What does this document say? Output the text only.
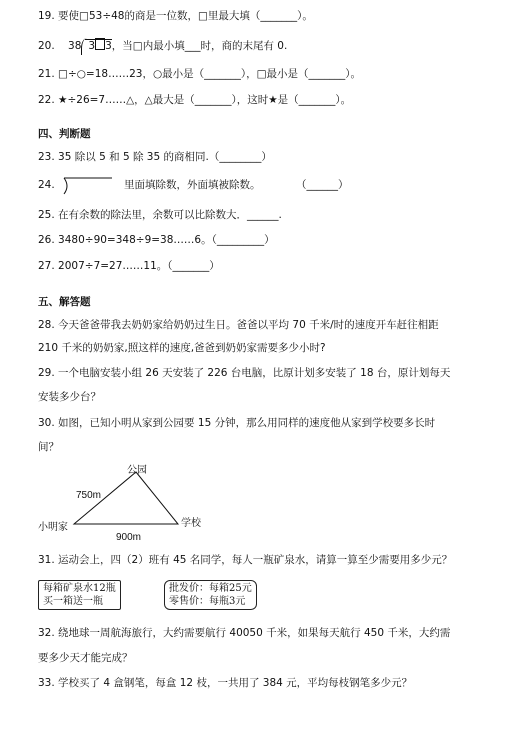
19. 要使□53÷48的商是一位数，□里最大填（_______）。
20. 38 3 3，当□内最小填___时，商的末尾有 0.
21. □÷○=18……23，○最小是（_______），□最小是（_______）。
22. ★÷26=7……△，△最大是（_______），这时★是（_______）。
四、判断题
23. 35 除以 5 和 5 除 35 的商相同.（________）
24.	里面填除数，外面填被除数。	（______）
25. 在有余数的除法里，余数可以比除数大．______.
26. 3480÷90=348÷9=38……6。（_________）
27. 2007÷7=27……11。（_______）
五、解答题
28. 今天爸爸带我去奶奶家给奶奶过生日。爸爸以平均 70 千米/时的速度开车赶往相距
210 千米的奶奶家,照这样的速度,爸爸到奶奶家需要多少小时?
29. 一个电脑安装小组 26 天安装了 226 台电脑，比原计划多安装了 18 台，原计划每天
安装多少台？
30. 如图，已知小明从家到公园要 15 分钟，那么用同样的速度他从家到学校要多长时
间？
公园
750m
小明家	学校
900m
31. 运动会上，四（2）班有 45 名同学，每人一瓶矿泉水，请算一算至少需要用多少元？
每箱矿泉水12瓶
买一箱送一瓶
批发价：每箱25元
零售价：每瓶3元
32. 绕地球一周航海旅行，大约需要航行 40050 千米，如果每天航行 450 千米，大约需
要多少天才能完成？
33. 学校买了 4 盒钢笔，每盒 12 枝，一共用了 384 元，平均每枝钢笔多少元？
